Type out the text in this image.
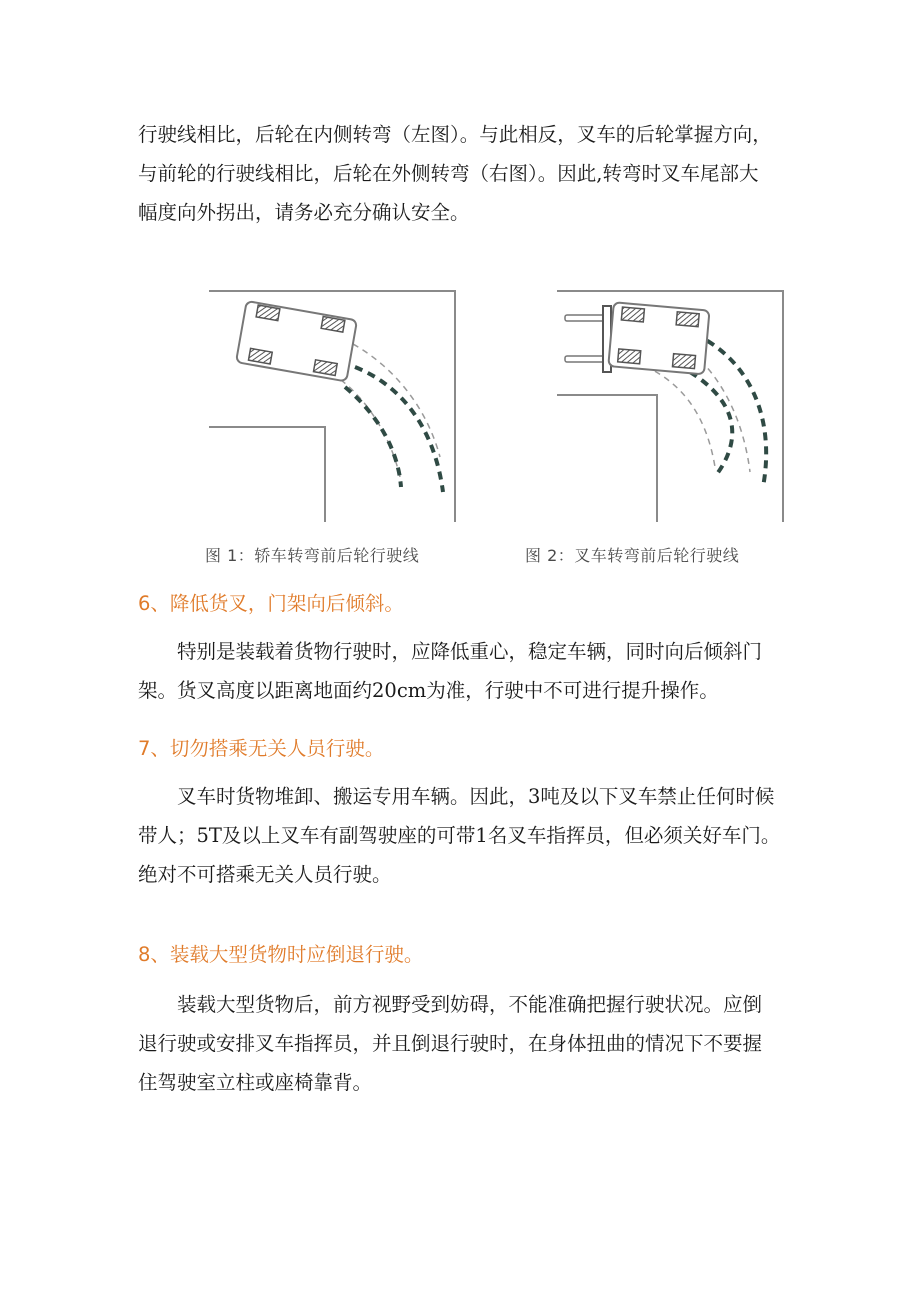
行驶线相比，后轮在内侧转弯（左图）。与此相反，叉车的后轮掌握方向，
与前轮的行驶线相比，后轮在外侧转弯（右图）。因此,转弯时叉车尾部大
幅度向外拐出，请务必充分确认安全。

图 1：轿车转弯前后轮行驶线	图 2：叉车转弯前后轮行驶线
6、降低货叉，门架向后倾斜。

特别是装载着货物行驶时，应降低重心，稳定车辆，同时向后倾斜门
架。货叉高度以距离地面约20cm为准，行驶中不可进行提升操作。

7、切勿搭乘无关人员行驶。

叉车时货物堆卸、搬运专用车辆。因此，3吨及以下叉车禁止任何时候
带人；5T及以上叉车有副驾驶座的可带1名叉车指挥员，但必须关好车门。
绝对不可搭乘无关人员行驶。

8、装载大型货物时应倒退行驶。

装载大型货物后，前方视野受到妨碍，不能准确把握行驶状况。应倒
退行驶或安排叉车指挥员，并且倒退行驶时，在身体扭曲的情况下不要握
住驾驶室立柱或座椅靠背。
